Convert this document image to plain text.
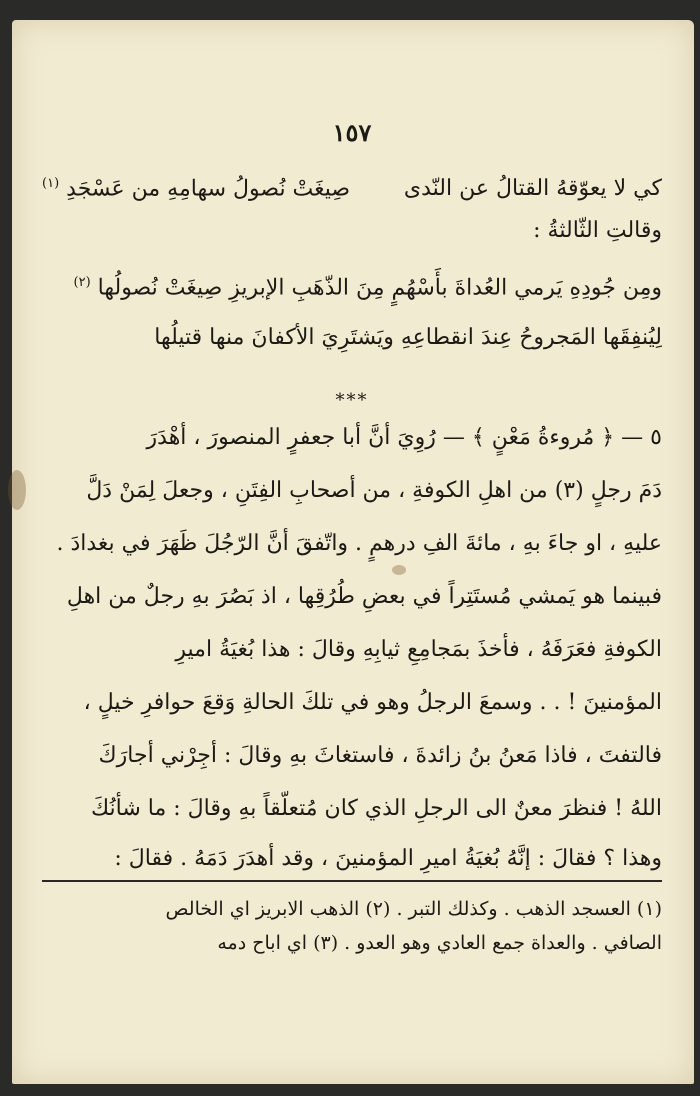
١٥٧
كي لا يعوّقهُ القتالُ عن النّدى
صِيغَتْ نُصولُ سهامِهِ من عَسْجَدِ $^{(١)}$
وقالتِ الثّالثةُ :
ومِن جُودِهِ يَرمي العُداةَ بأَسْهُمٍ مِنَ الذّهَبِ الإبريزِ صِيغَتْ نُصولُها $^{(٢)}$
لِيُنفِقَها المَجروحُ عِندَ انقطاعِهِ ويَشتَرِيَ الأكفانَ منها قتيلُها
***
٥ — ﴿ مُروءةُ مَعْنٍ ﴾ — رُوِيَ أنَّ أبا جعفرٍ المنصورَ ، أهْدَرَ
دَمَ رجلٍ (٣) من اهلِ الكوفةِ ، من أصحابِ الفِتَنِ ، وجعلَ لِمَنْ دَلَّ
عليهِ ، او جاءَ بهِ ، مائةَ الفِ درهمٍ . واتّفقَ أنَّ الرّجُلَ ظَهَرَ في بغدادَ .
فبينما هو يَمشي مُستَتِراً في بعضِ طُرُقِها ، اذ بَصُرَ بهِ رجلٌ من اهلِ
الكوفةِ فعَرَفَهُ ، فأخذَ بمَجامِعِ ثيابِهِ وقالَ : هذا بُغيَةُ اميرِ
المؤمنينَ ! . . وسمعَ الرجلُ وهو في تلكَ الحالةِ وَقعَ حوافرِ خيلٍ ،
فالتفتَ ، فاذا مَعنُ بنُ زائدةَ ، فاستغاثَ بهِ وقالَ : أجِرْني أجارَكَ
اللهُ ! فنظرَ معنٌ الى الرجلِ الذي كان مُتعلّقاً بهِ وقالَ : ما شأنُكَ
وهذا ؟ فقالَ : إنَّهُ بُغيَةُ اميرِ المؤمنينَ ، وقد أهدَرَ دَمَهُ . فقالَ :
(١) العسجد الذهب . وكذلك التبر . (٢) الذهب الابريز اي الخالص
الصافي . والعداة جمع العادي وهو العدو . (٣) اي اباح دمه
